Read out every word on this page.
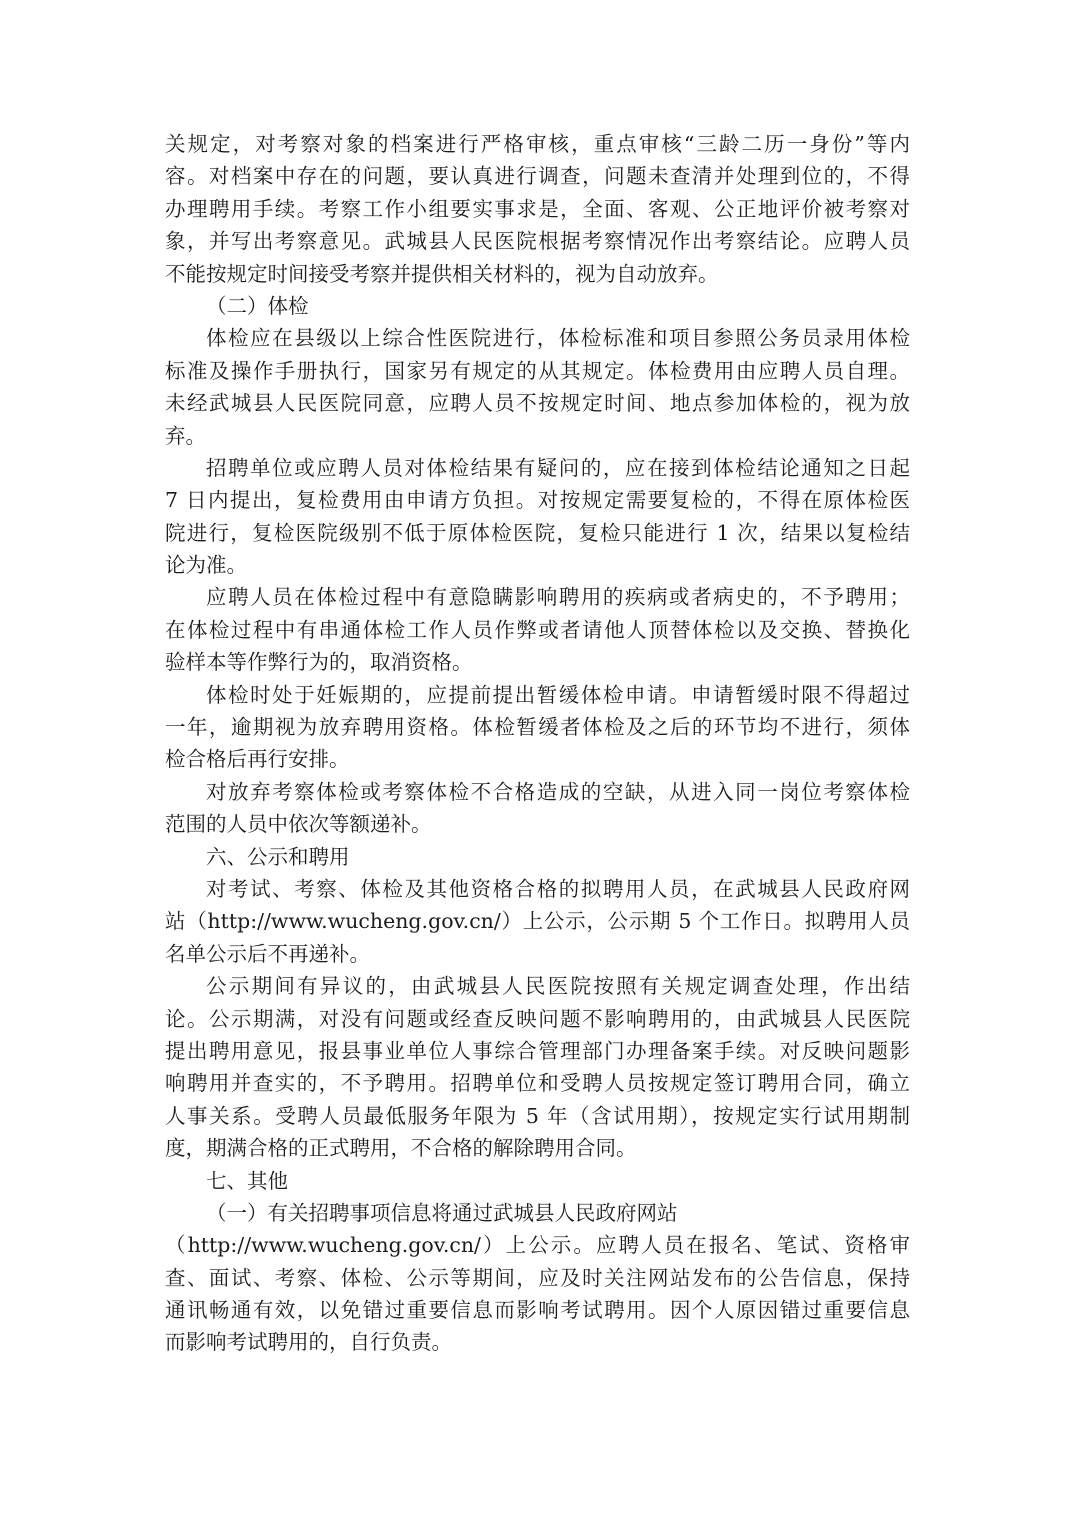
关规定，对考察对象的档案进行严格审核，重点审核“三龄二历一身份”等内
容。对档案中存在的问题，要认真进行调查，问题未查清并处理到位的，不得
办理聘用手续。考察工作小组要实事求是，全面、客观、公正地评价被考察对
象，并写出考察意见。武城县人民医院根据考察情况作出考察结论。应聘人员
不能按规定时间接受考察并提供相关材料的，视为自动放弃。
（二）体检
体检应在县级以上综合性医院进行，体检标准和项目参照公务员录用体检
标准及操作手册执行，国家另有规定的从其规定。体检费用由应聘人员自理。
未经武城县人民医院同意，应聘人员不按规定时间、地点参加体检的，视为放
弃。
招聘单位或应聘人员对体检结果有疑问的，应在接到体检结论通知之日起
7 日内提出，复检费用由申请方负担。对按规定需要复检的，不得在原体检医
院进行，复检医院级别不低于原体检医院，复检只能进行 1 次，结果以复检结
论为准。
应聘人员在体检过程中有意隐瞒影响聘用的疾病或者病史的，不予聘用；
在体检过程中有串通体检工作人员作弊或者请他人顶替体检以及交换、替换化
验样本等作弊行为的，取消资格。
体检时处于妊娠期的，应提前提出暂缓体检申请。申请暂缓时限不得超过
一年，逾期视为放弃聘用资格。体检暂缓者体检及之后的环节均不进行，须体
检合格后再行安排。
对放弃考察体检或考察体检不合格造成的空缺，从进入同一岗位考察体检
范围的人员中依次等额递补。
六、公示和聘用
对考试、考察、体检及其他资格合格的拟聘用人员，在武城县人民政府网
站（http://www.wucheng.gov.cn/）上公示，公示期 5 个工作日。拟聘用人员
名单公示后不再递补。
公示期间有异议的，由武城县人民医院按照有关规定调查处理，作出结
论。公示期满，对没有问题或经查反映问题不影响聘用的，由武城县人民医院
提出聘用意见，报县事业单位人事综合管理部门办理备案手续。对反映问题影
响聘用并查实的，不予聘用。招聘单位和受聘人员按规定签订聘用合同，确立
人事关系。受聘人员最低服务年限为 5 年（含试用期），按规定实行试用期制
度，期满合格的正式聘用，不合格的解除聘用合同。
七、其他
（一）有关招聘事项信息将通过武城县人民政府网站
（http://www.wucheng.gov.cn/）上公示。应聘人员在报名、笔试、资格审
查、面试、考察、体检、公示等期间，应及时关注网站发布的公告信息，保持
通讯畅通有效，以免错过重要信息而影响考试聘用。因个人原因错过重要信息
而影响考试聘用的，自行负责。
